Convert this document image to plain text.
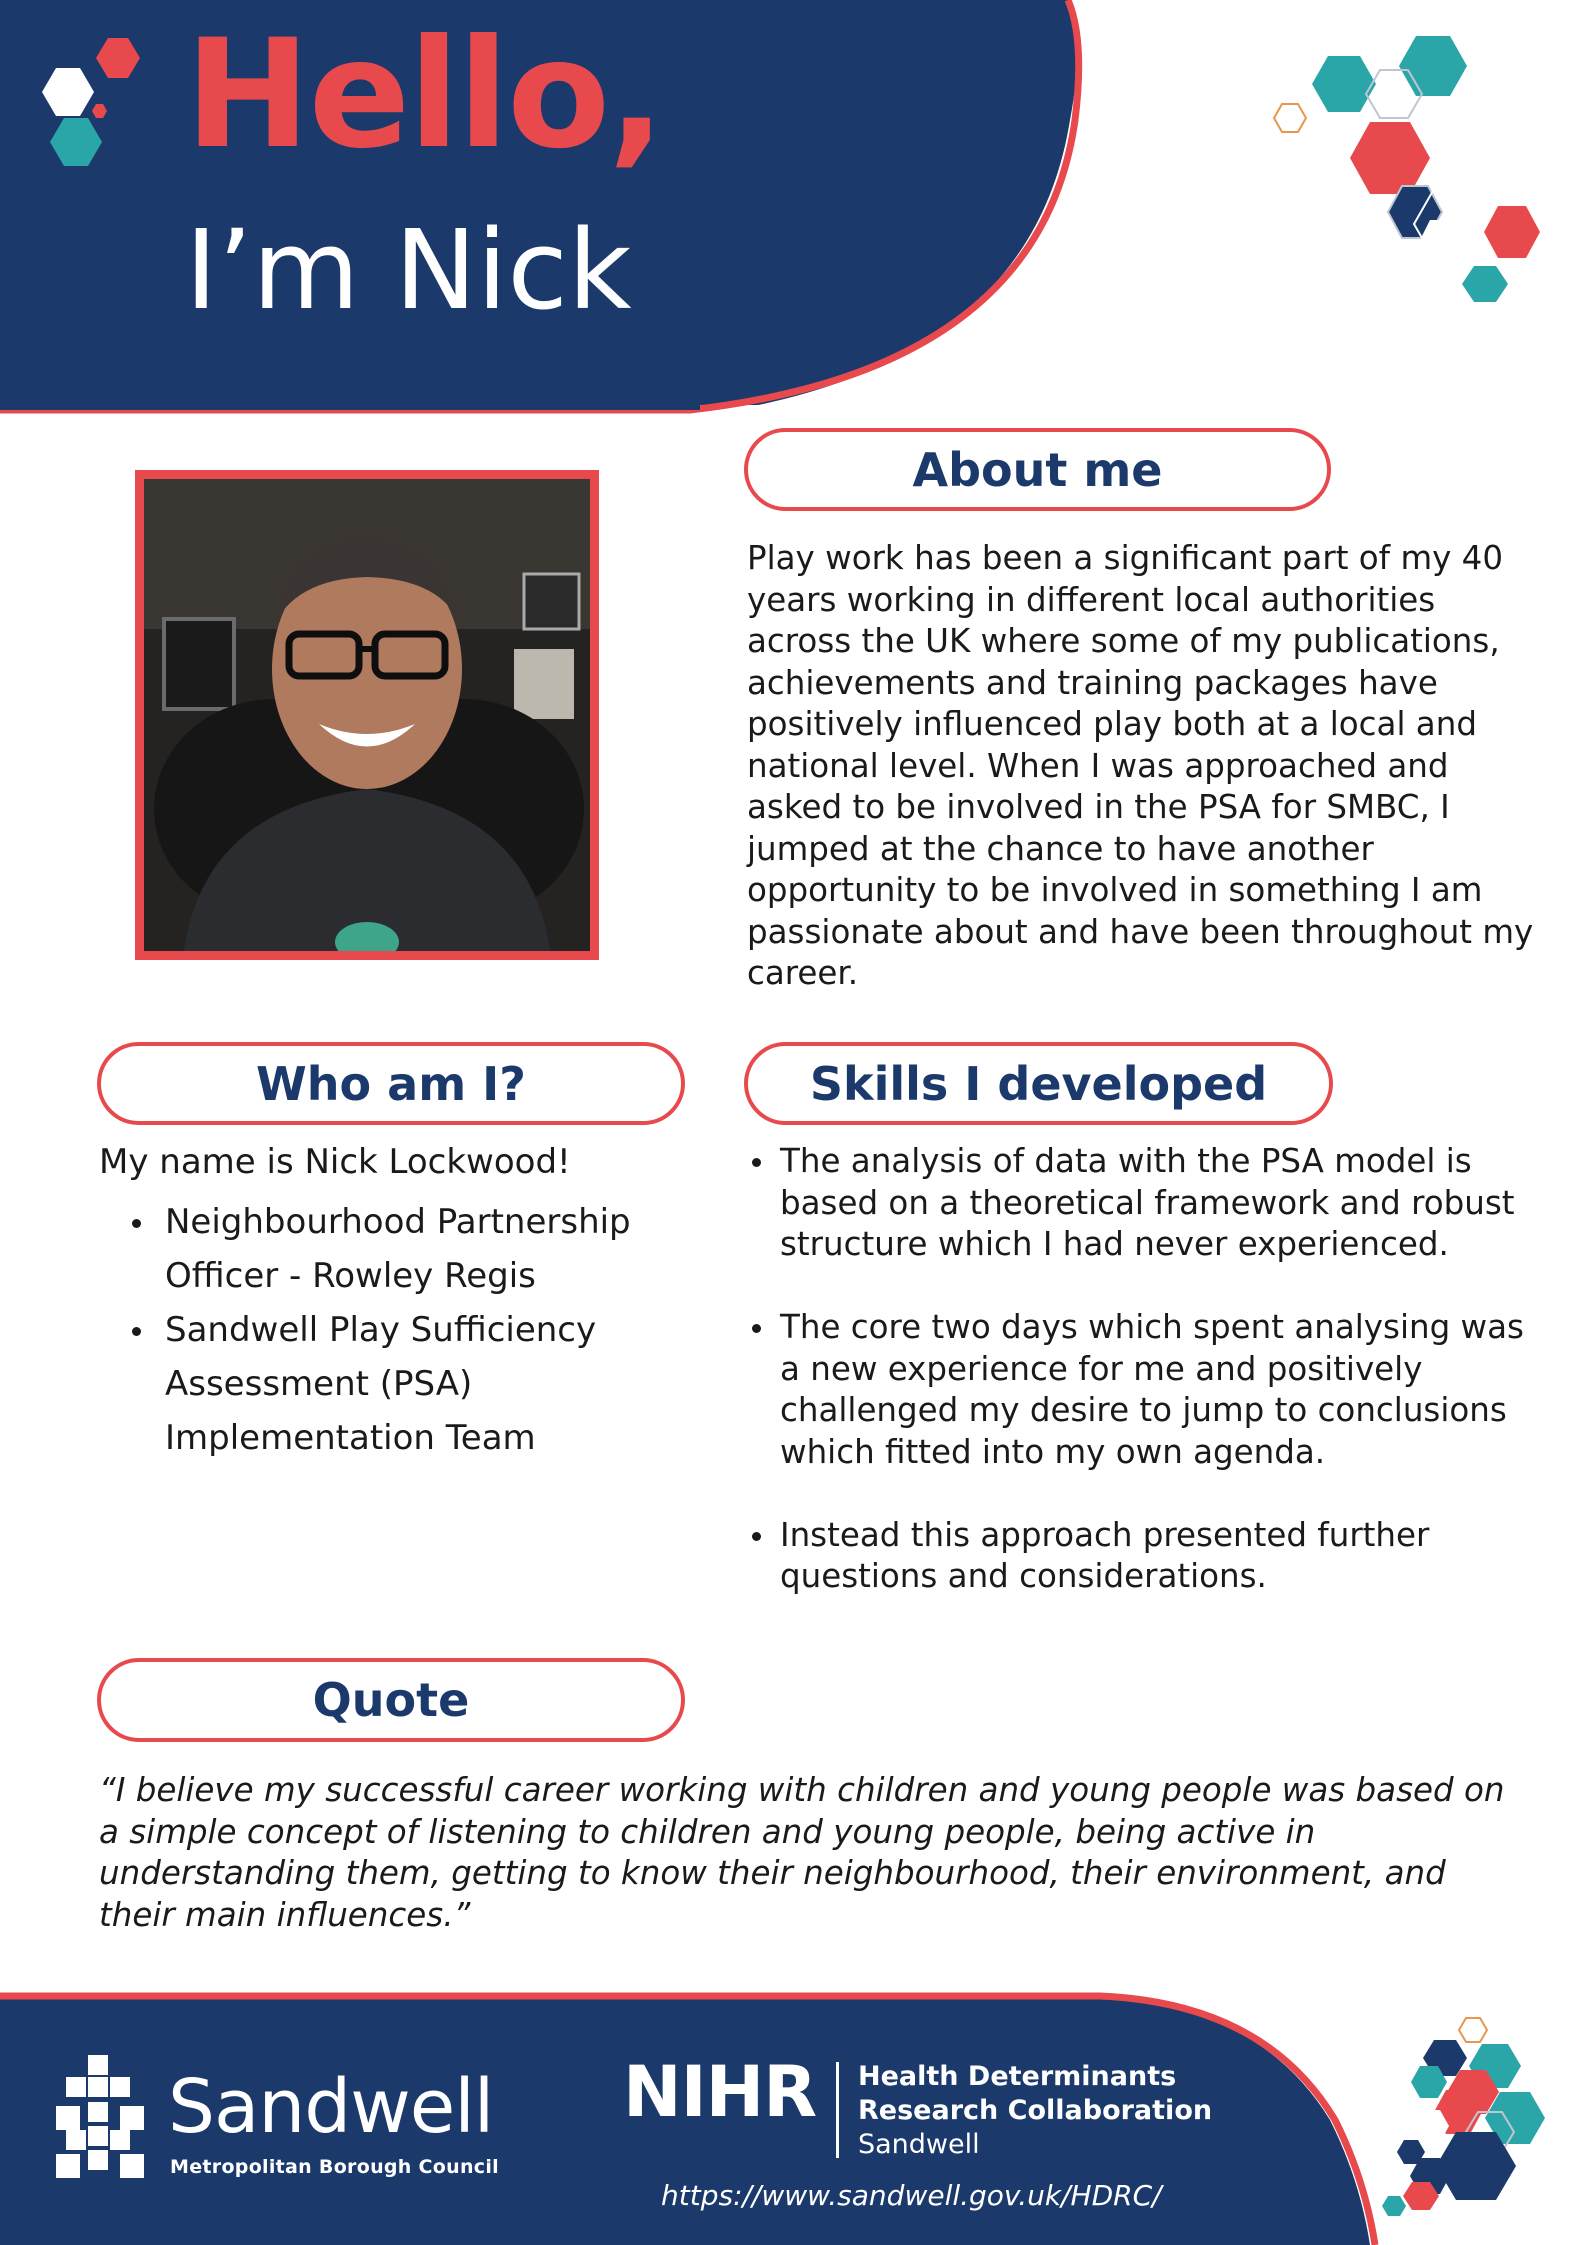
Hello,
I’m Nick
About me
Play work has been a significant part of my 40 years working in different local authorities across the UK where some of my publications, achievements and training packages have positively influenced play both at a local and national level. When I was approached and asked to be involved in the PSA for SMBC, I jumped at the chance to have another opportunity to be involved in something I am passionate about and have been throughout my career.
Who am I?
My name is Nick Lockwood!
Neighbourhood Partnership Officer - Rowley Regis
Sandwell Play Sufficiency Assessment (PSA) Implementation Team
Skills I developed
The analysis of data with the PSA model is based on a theoretical framework and robust structure which I had never experienced.
The core two days which spent analysing was a new experience for me and positively challenged my desire to jump to conclusions which fitted into my own agenda.
Instead this approach presented further questions and considerations.
Quote
“I believe my successful career working with children and young people was based on a simple concept of listening to children and young people, being active in understanding them, getting to know their neighbourhood, their environment, and their main influences.”
Sandwell
Metropolitan Borough Council
NIHR Health Determinants
Research Collaboration
Sandwell
https://www.sandwell.gov.uk/HDRC/
